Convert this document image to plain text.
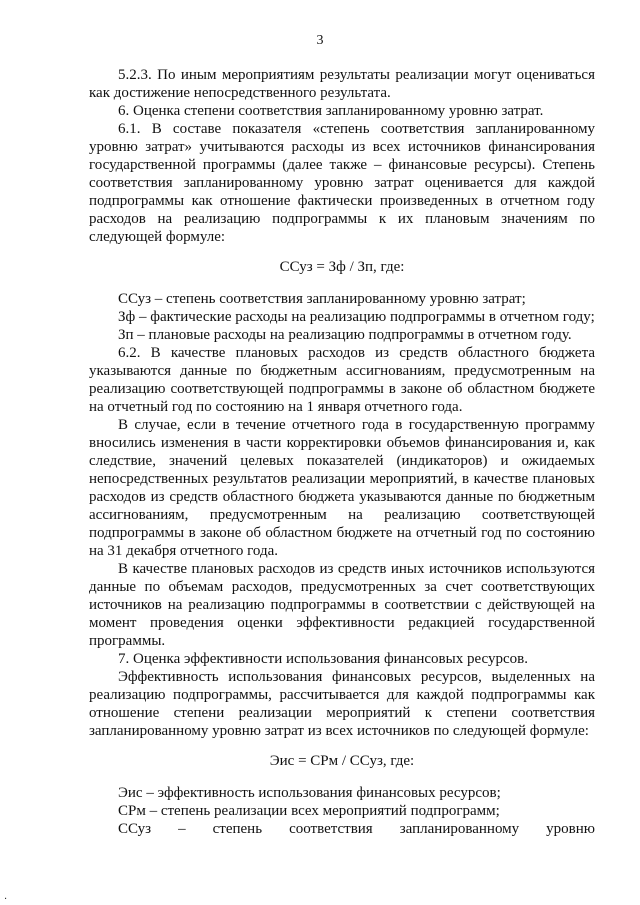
3

5.2.3. По иным мероприятиям результаты реализации могут оцениваться как достижение непосредственного результата.

6. Оценка степени соответствия запланированному уровню затрат.

6.1. В составе показателя «степень соответствия запланированному уровню затрат» учитываются расходы из всех источников финансирования государственной программы (далее также – финансовые ресурсы). Степень соответствия запланированному уровню затрат оценивается для каждой подпрограммы как отношение фактически произведенных в отчетном году расходов на реализацию подпрограммы к их плановым значениям по следующей формуле:

ССуз = Зф / Зп, где:

ССуз – степень соответствия запланированному уровню затрат;

Зф – фактические расходы на реализацию подпрограммы в отчетном году;

Зп – плановые расходы на реализацию подпрограммы в отчетном году.

6.2. В качестве плановых расходов из средств областного бюджета указываются данные по бюджетным ассигнованиям, предусмотренным на реализацию соответствующей подпрограммы в законе об областном бюджете на отчетный год по состоянию на 1 января отчетного года.

В случае, если в течение отчетного года в государственную программу вносились изменения в части корректировки объемов финансирования и, как следствие, значений целевых показателей (индикаторов) и ожидаемых непосредственных результатов реализации мероприятий, в качестве плановых расходов из средств областного бюджета указываются данные по бюджетным ассигнованиям, предусмотренным на реализацию соответствующей подпрограммы в законе об областном бюджете на отчетный год по состоянию на 31 декабря отчетного года.

В качестве плановых расходов из средств иных источников используются данные по объемам расходов, предусмотренных за счет соответствующих источников на реализацию подпрограммы в соответствии с действующей на момент проведения оценки эффективности редакцией государственной программы.

7. Оценка эффективности использования финансовых ресурсов.

Эффективность использования финансовых ресурсов, выделенных на реализацию подпрограммы, рассчитывается для каждой подпрограммы как отношение степени реализации мероприятий к степени соответствия запланированному уровню затрат из всех источников по следующей формуле:

Эис = СРм / ССуз, где:

Эис – эффективность использования финансовых ресурсов;

СРм – степень реализации всех мероприятий подпрограмм;

ССуз – степень соответствия запланированному уровню

.
